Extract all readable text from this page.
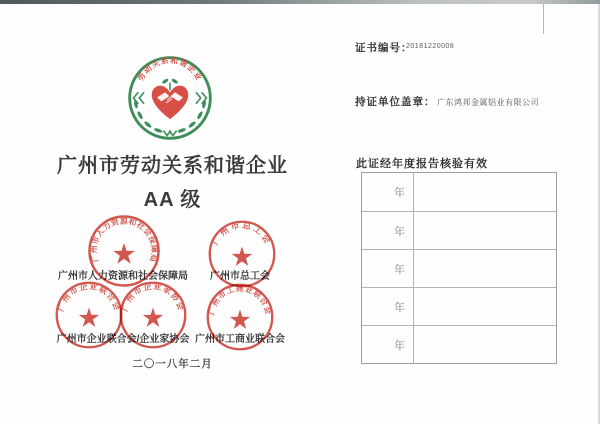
劳动关系和谐企业
广州市劳动关系和谐企业
AA 级
广州市人力资源和社会保障局	广州市总工会
广州市企业联合会/企业家协会 广州市工商业联合会
广州市人力资源和社会保障局
广州市总工会
广州市企业联合会
广州市企业家协会	广州市工商业联合会
二〇一八年二月
证书编号：
20181220008
持证单位盖章： 广东鸿邦金属铝业有限公司
此证经年度报告核验有效
年
年
年
年
年
